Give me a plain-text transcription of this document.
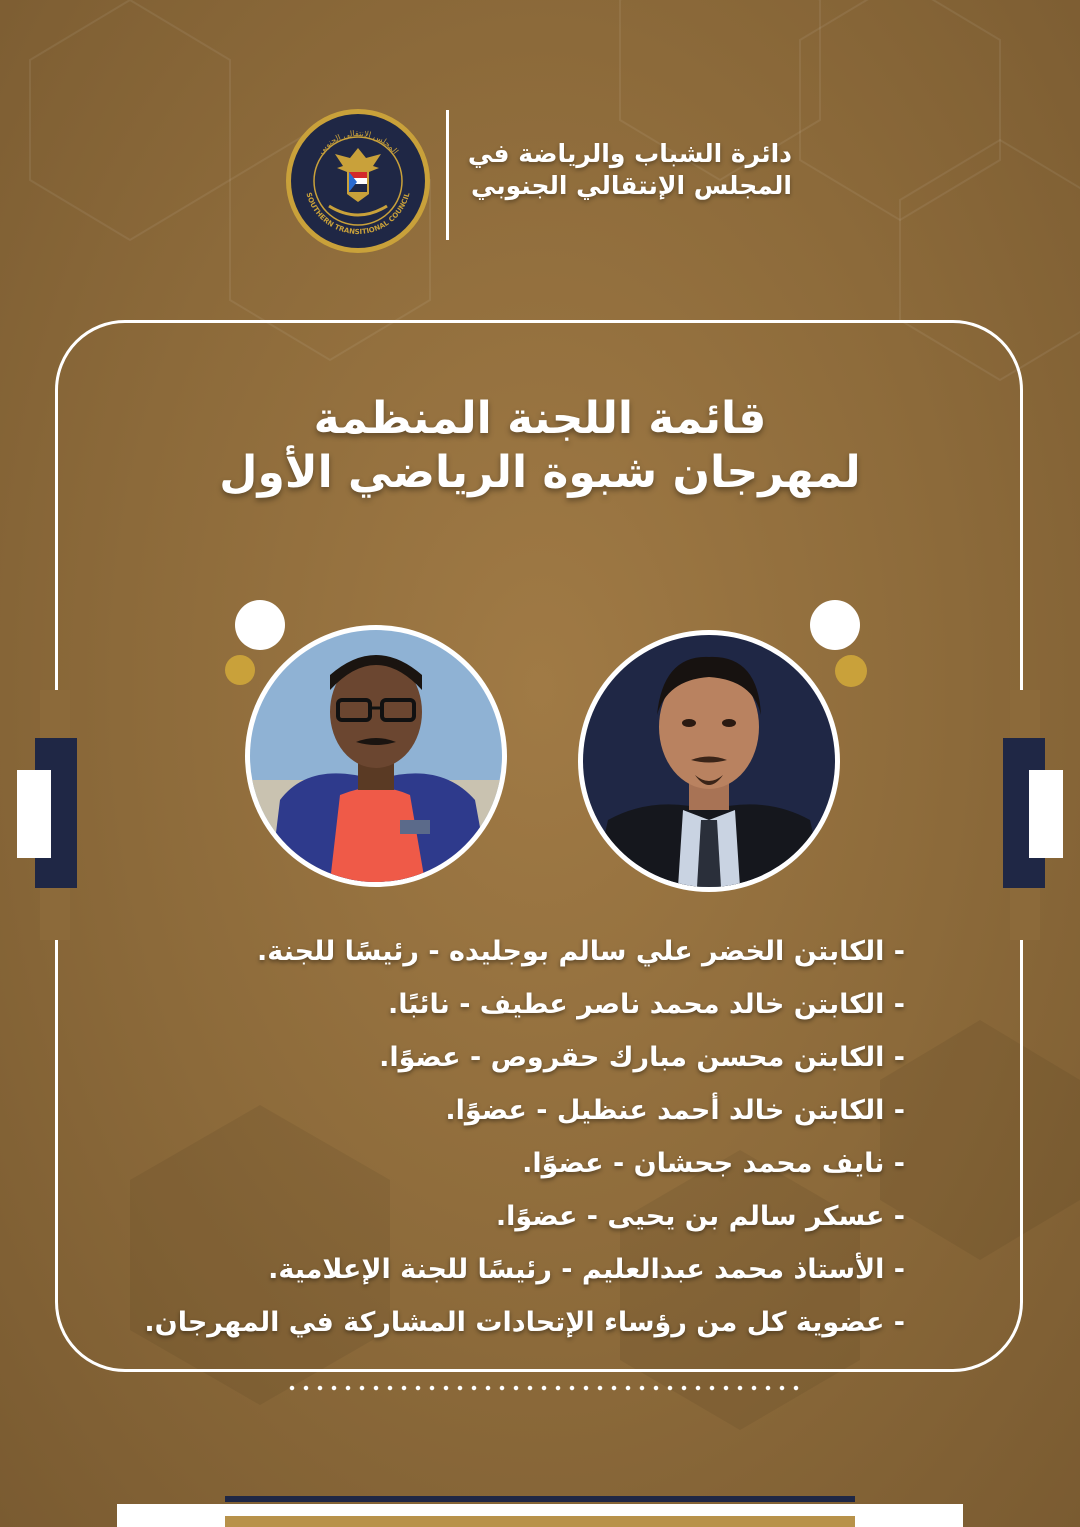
المجلس الانتقالي الجنوبي
SOUTHERN TRANSITIONAL COUNCIL
دائرة الشباب والرياضة في
المجلس الإنتقالي الجنوبي
قائمة اللجنة المنظمة
لمهرجان شبوة الرياضي الأول
- الكابتن الخضر علي سالم بوجليده - رئيسًا للجنة.
- الكابتن خالد محمد ناصر عطيف - نائبًا.
- الكابتن محسن مبارك حقروص - عضوًا.
- الكابتن خالد أحمد عنظيل - عضوًا.
- نايف محمد جحشان - عضوًا.
- عسكر سالم بن يحيى - عضوًا.
- الأستاذ محمد عبدالعليم - رئيسًا للجنة الإعلامية.
- عضوية كل من رؤساء الإتحادات المشاركة في المهرجان.
